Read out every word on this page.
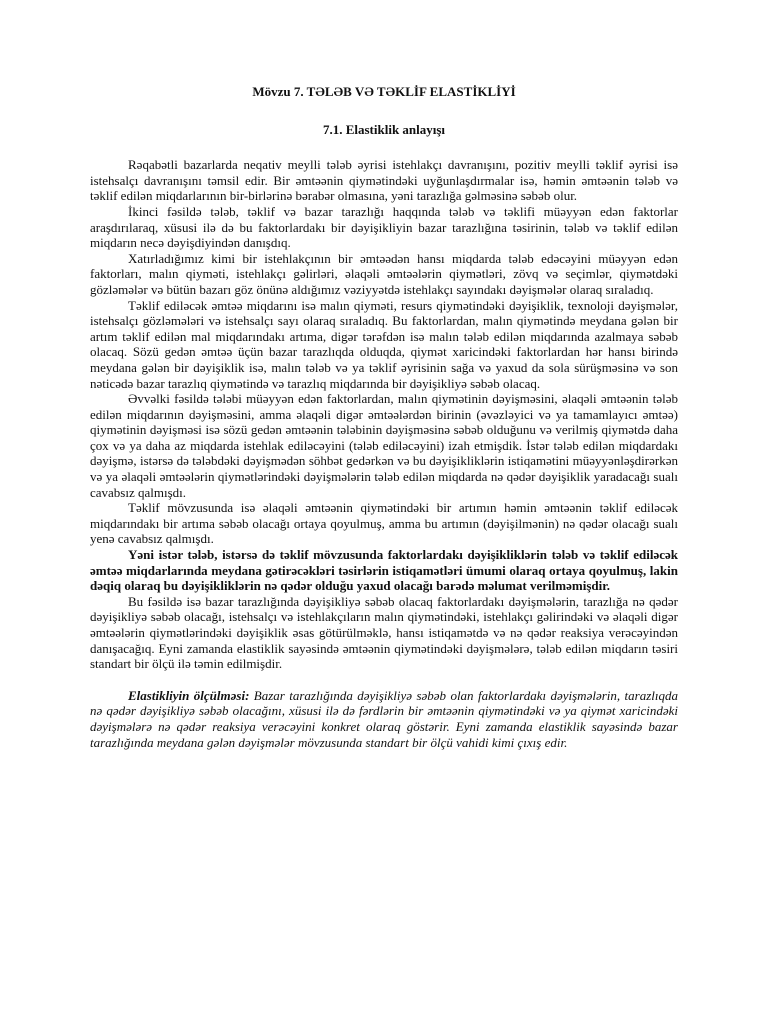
Mövzu 7. TƏLƏB VƏ TƏKLİF ELASTİKLİYİ
7.1. Elastiklik anlayışı

Rəqabətli bazarlarda neqativ meylli tələb əyrisi istehlakçı davranışını, pozitiv meylli təklif əyrisi isə istehsalçı davranışını təmsil edir. Bir əmtəənin qiymətindəki uyğunlaşdırmalar isə, həmin əmtəənin tələb və təklif edilən miqdarlarının bir-birlərinə bərabər olmasına, yəni tarazlığa gəlməsinə səbəb olur.

İkinci fəsildə tələb, təklif və bazar tarazlığı haqqında tələb və təklifi müəyyən edən faktorlar araşdırılaraq, xüsusi ilə də bu faktorlardakı bir dəyişikliyin bazar tarazlığına təsirinin, tələb və təklif edilən miqdarın necə dəyişdiyindən danışdıq.

Xatırladığımız kimi bir istehlakçının bir əmtəədən hansı miqdarda tələb edəcəyini müəyyən edən faktorları, malın qiyməti, istehlakçı gəlirləri, əlaqəli əmtəələrin qiymətləri, zövq və seçimlər, qiymətdəki gözləmələr və bütün bazarı göz önünə aldığımız vəziyyətdə istehlakçı sayındakı dəyişmələr olaraq sıraladıq.

Təklif ediləcək əmtəə miqdarını isə malın qiyməti, resurs qiymətindəki dəyişiklik, texnoloji dəyişmələr, istehsalçı gözləmələri və istehsalçı sayı olaraq sıraladıq. Bu faktorlardan, malın qiymətində meydana gələn bir artım təklif edilən mal miqdarındakı artıma, digər tərəfdən isə malın tələb edilən miqdarında azalmaya səbəb olacaq. Sözü gedən əmtəə üçün bazar tarazlıqda olduqda, qiymət xaricindəki faktorlardan hər hansı birində meydana gələn bir dəyişiklik isə, malın tələb və ya təklif əyrisinin sağa və yaxud da sola sürüşməsinə və son nəticədə bazar tarazlıq qiymətində və tarazlıq miqdarında bir dəyişikliyə səbəb olacaq.

Əvvəlki fəsildə tələbi müəyyən edən faktorlardan, malın qiymətinin dəyişməsini, əlaqəli əmtəənin tələb edilən miqdarının dəyişməsini, amma əlaqəli digər əmtəələrdən birinin (əvəzləyici və ya tamamlayıcı əmtəə) qiymətinin dəyişməsi isə sözü gedən əmtəənin tələbinin dəyişməsinə səbəb olduğunu və verilmiş qiymətdə daha çox və ya daha az miqdarda istehlak ediləcəyini (tələb ediləcəyini) izah etmişdik. İstər tələb edilən miqdardakı dəyişmə, istərsə də tələbdəki dəyişmədən söhbət gedərkən və bu dəyişikliklərin istiqamətini müəyyənləşdirərkən və ya əlaqəli əmtəələrin qiymətlərindəki dəyişmələrin tələb edilən miqdarda nə qədər dəyişiklik yaradacağı sualı cavabsız qalmışdı.

Təklif mövzusunda isə əlaqəli əmtəənin qiymətindəki bir artımın həmin əmtəənin təklif ediləcək miqdarındakı bir artıma səbəb olacağı ortaya qoyulmuş, amma bu artımın (dəyişilmənin) nə qədər olacağı sualı yenə cavabsız qalmışdı.

Yəni istər tələb, istərsə də təklif mövzusunda faktorlardakı dəyişikliklərin tələb və təklif ediləcək əmtəə miqdarlarında meydana gətirəcəkləri təsirlərin istiqamətləri ümumi olaraq ortaya qoyulmuş, lakin dəqiq olaraq bu dəyişikliklərin nə qədər olduğu yaxud olacağı barədə məlumat verilməmişdir.

Bu fəsildə isə bazar tarazlığında dəyişikliyə səbəb olacaq faktorlardakı dəyişmələrin, tarazlığa nə qədər dəyişikliyə səbəb olacağı, istehsalçı və istehlakçıların malın qiymətindəki, istehlakçı gəlirindəki və əlaqəli digər əmtəələrin qiymətlərindəki dəyişiklik əsas götürülməklə, hansı istiqamətdə və nə qədər reaksiya verəcəyindən danışacağıq. Eyni zamanda elastiklik sayəsində əmtəənin qiymətindəki dəyişmələrə, tələb edilən miqdarın təsiri standart bir ölçü ilə təmin edilmişdir.

Elastikliyin ölçülməsi: Bazar tarazlığında dəyişikliyə səbəb olan faktorlardakı dəyişmələrin, tarazlıqda nə qədər dəyişikliyə səbəb olacağını, xüsusi ilə də fərdlərin bir əmtəənin qiymətindəki və ya qiymət xaricindəki dəyişmələrə nə qədər reaksiya verəcəyini konkret olaraq göstərir. Eyni zamanda elastiklik sayəsində bazar tarazlığında meydana gələn dəyişmələr mövzusunda standart bir ölçü vahidi kimi çıxış edir.
